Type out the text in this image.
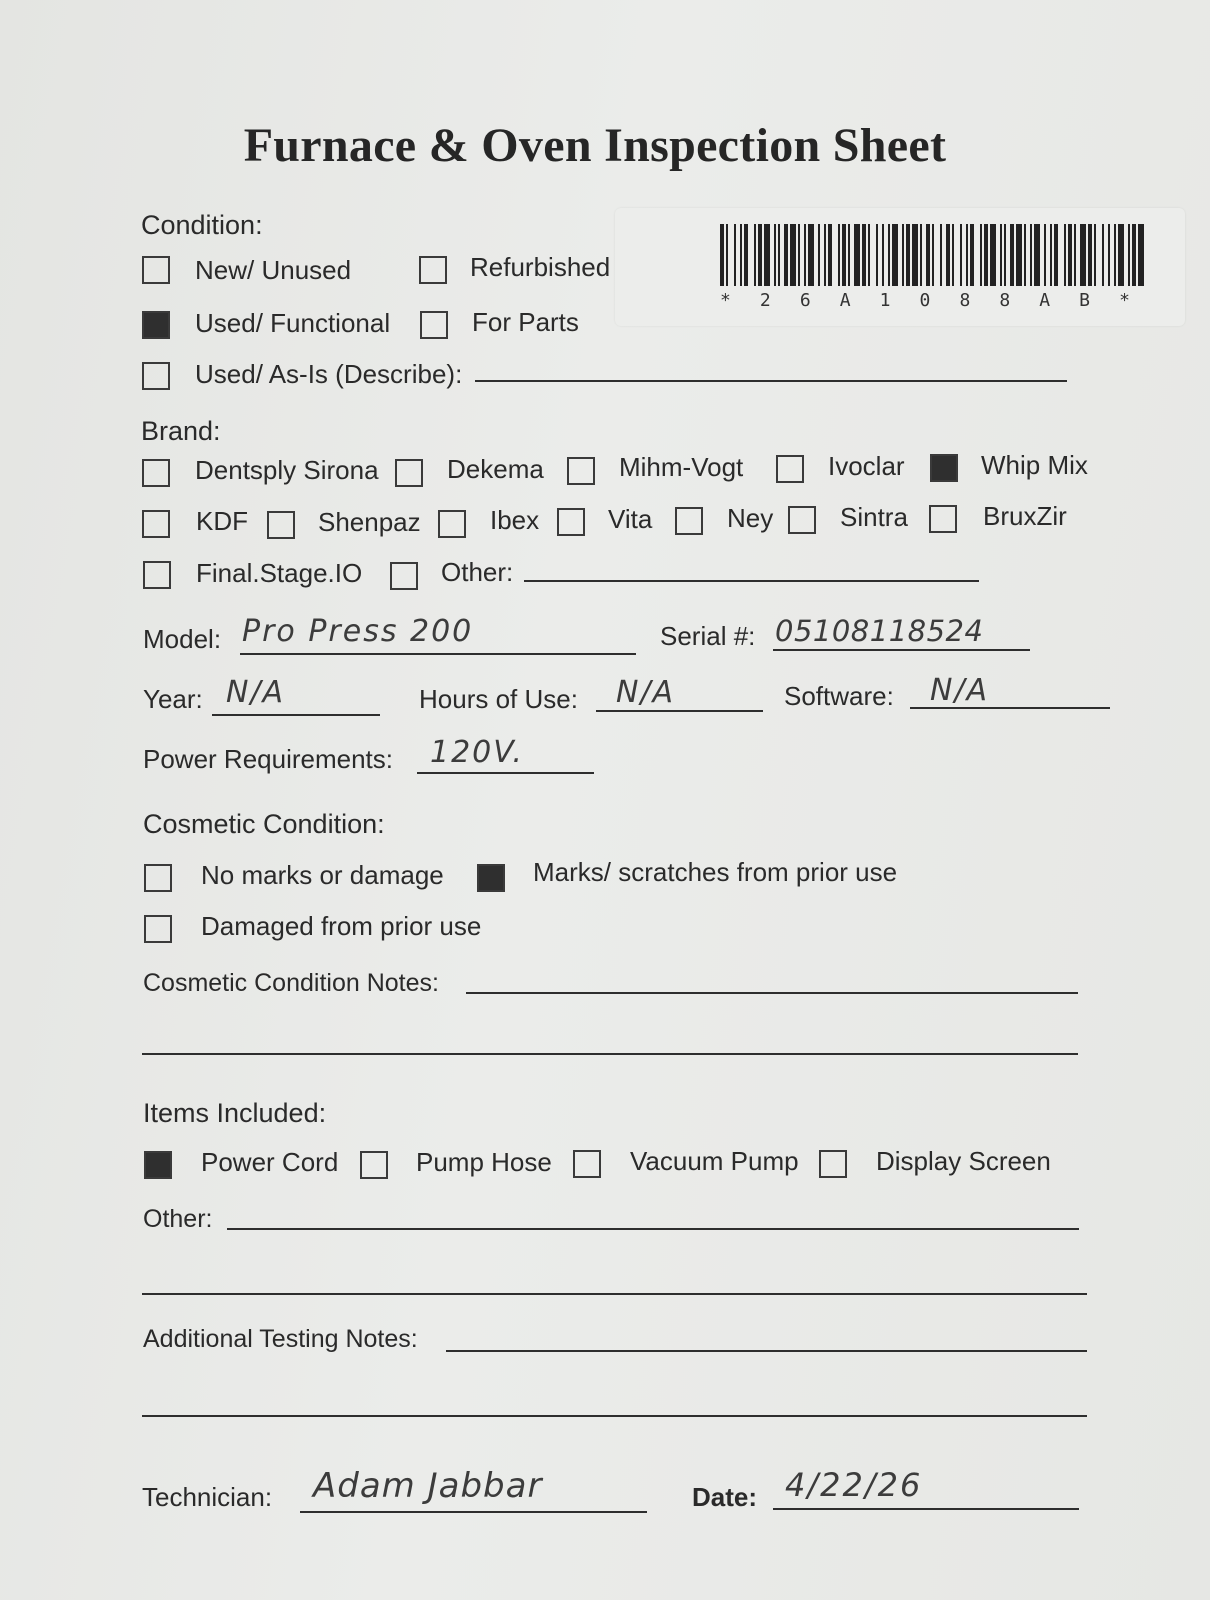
Furnace & Oven Inspection Sheet
* 2 6 A 1 0 8 8 A B *
Condition:
New/ Unused	Refurbished
Used/ Functional	For Parts
Used/ As-Is (Describe):
Brand:
Dentsply Sirona	Dekema	Mihm-Vogt	Ivoclar	Whip Mix
KDF	Shenpaz	Ibex	Vita	Ney	Sintra	BruxZir
Final.Stage.IO	Other:
Model: Pro Press 200	Serial #: 05108118524
Year: N/A	Hours of Use: N/A	Software: N/A
Power Requirements: 120V.
Cosmetic Condition:
No marks or damage	Marks/ scratches from prior use
Damaged from prior use
Cosmetic Condition Notes:
Items Included:
Power Cord	Pump Hose	Vacuum Pump	Display Screen
Other:
Additional Testing Notes:
Technician: Adam Jabbar	Date: 4/22/26
